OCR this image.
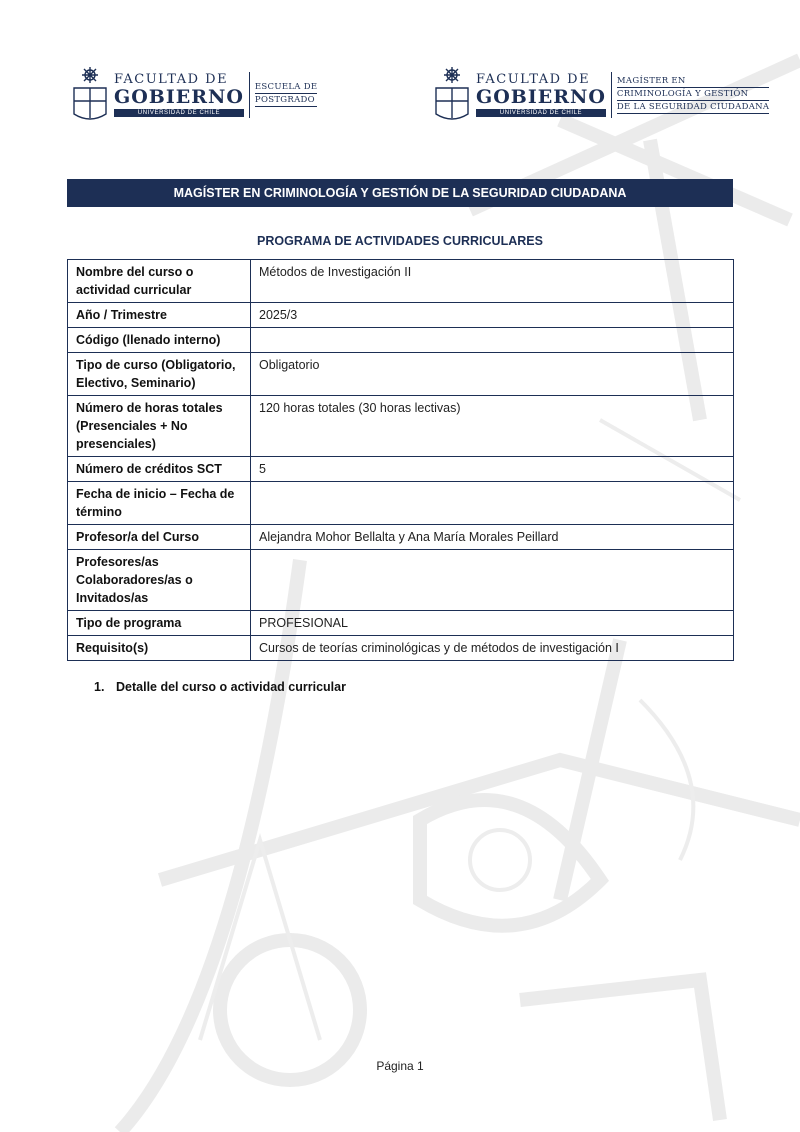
FACULTAD DE
GOBIERNO
UNIVERSIDAD DE CHILE
ESCUELA DE
POSTGRADO
FACULTAD DE
GOBIERNO
UNIVERSIDAD DE CHILE
MAGÍSTER EN
CRIMINOLOGÍA Y GESTIÓN
DE LA SEGURIDAD CIUDADANA
MAGÍSTER EN CRIMINOLOGÍA Y GESTIÓN DE LA SEGURIDAD CIUDADANA
PROGRAMA DE ACTIVIDADES CURRICULARES
Nombre del curso o actividad curricular	Métodos de Investigación II
Año / Trimestre	2025/3
Código (llenado interno)	
Tipo de curso (Obligatorio, Electivo, Seminario)	Obligatorio
Número de horas totales (Presenciales + No presenciales)	120 horas totales (30 horas lectivas)
Número de créditos SCT	5
Fecha de inicio – Fecha de término	
Profesor/a del Curso	Alejandra Mohor Bellalta y Ana María Morales Peillard
Profesores/as Colaboradores/as o Invitados/as	
Tipo de programa	PROFESIONAL
Requisito(s)	Cursos de teorías criminológicas y de métodos de investigación I
1. Detalle del curso o actividad curricular
Página 1
